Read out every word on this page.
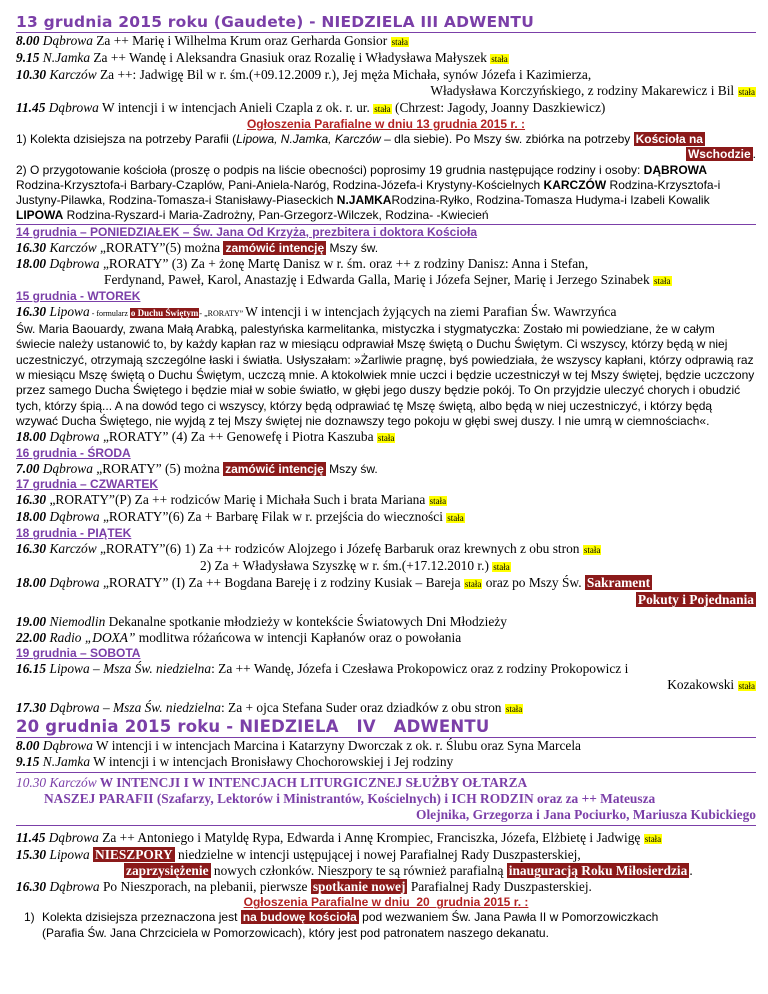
13 grudnia 2015 roku (Gaudete) - NIEDZIELA III ADWENTU
8.00 Dąbrowa Za ++ Marię i Wilhelma Krum oraz Gerharda Gonsior stała
9.15 N.Jamka Za ++ Wandę i Aleksandra Gnasiuk oraz Rozalię i Władysława Małyszek stała
10.30 Karczów Za ++: Jadwigę Bil w r. śm.(+09.12.2009 r.), Jej męża Michała, synów Józefa i Kazimierza,
Władysława Korczyńskiego, z rodziny Makarewicz i Bil stała
11.45 Dąbrowa W intencji i w intencjach Anieli Czapla z ok. r. ur. stała (Chrzest: Jagody, Joanny Daszkiewicz)
Ogłoszenia Parafialne w dniu 13 grudnia 2015 r. :
1) Kolekta dzisiejsza na potrzeby Parafii (Lipowa, N.Jamka, Karczów – dla siebie). Po Mszy św. zbiórka na potrzeby Kościoła na
Wschodzie .
2) O przygotowanie kościoła (proszę o podpis na liście obecności) poprosimy 19 grudnia następujące rodziny i osoby: DĄBROWA Rodzina-Krzysztofa-i Barbary-Czaplów, Pani-Aniela-Naróg, Rodzina-Józefa-i Krystyny-Kościelnych KARCZÓW Rodzina-Krzysztofa-i Justyny-Pilawka, Rodzina-Tomasza-i Stanisławy-Piaseckich N.JAMKARodzina-Ryłko, Rodzina-Tomasza Hudyma-i Izabeli Kowalik LIPOWA Rodzina-Ryszard-i Maria-Zadrożny, Pan-Grzegorz-Wilczek, Rodzina- -Kwiecień
14 grudnia – PONIEDZIAŁEK – Św. Jana Od Krzyża, prezbitera i doktora Kościoła
16.30 Karczów „RORATY”(5) można zamówić intencję Mszy św.
18.00 Dąbrowa „RORATY” (3) Za + żonę Martę Danisz w r. śm. oraz ++ z rodziny Danisz: Anna i Stefan,
Ferdynand, Paweł, Karol, Anastazję i Edwarda Galla, Marię i Józefa Sejner, Marię i Jerzego Szinabek stała
15 grudnia - WTOREK
16.30 Lipowa - formularz o Duchu Świętym- „RORATY” W intencji i w intencjach żyjących na ziemi Parafian Św. Wawrzyńca
Św. Maria Baouardy, zwana Małą Arabką, palestyńska karmelitanka, mistyczka i stygmatyczka: Zostało mi powiedziane, że w całym świecie należy ustanowić to, by każdy kapłan raz w miesiącu odprawiał Mszę świętą o Duchu Świętym. Ci wszyscy, którzy będą w niej uczestniczyć, otrzymają szczególne łaski i światła. Usłyszałam: »Żarliwie pragnę, byś powiedziała, że wszyscy kapłani, którzy odprawią raz w miesiącu Mszę świętą o Duchu Świętym, uczczą mnie. A ktokolwiek mnie uczci i będzie uczestniczył w tej Mszy świętej, będzie uczczony przez samego Ducha Świętego i będzie miał w sobie światło, w głębi jego duszy będzie pokój. To On przyjdzie uleczyć chorych i obudzić tych, którzy śpią... A na dowód tego ci wszyscy, którzy będą odprawiać tę Mszę świętą, albo będą w niej uczestniczyć, i którzy będą wzywać Ducha Świętego, nie wyjdą z tej Mszy świętej nie doznawszy tego pokoju w głębi swej duszy. I nie umrą w ciemnościach«.
18.00 Dąbrowa „RORATY” (4) Za ++ Genowefę i Piotra Kaszuba stała
16 grudnia - ŚRODA
7.00 Dąbrowa „RORATY” (5) można zamówić intencję Mszy św.
17 grudnia – CZWARTEK
16.30 „RORATY”(P) Za ++ rodziców Marię i Michała Such i brata Mariana stała
18.00 Dąbrowa „RORATY”(6) Za + Barbarę Filak w r. przejścia do wieczności stała
18 grudnia - PIĄTEK
16.30 Karczów „RORATY”(6) 1) Za ++ rodziców Alojzego i Józefę Barbaruk oraz krewnych z obu stron stała
2) Za + Władysława Szyszkę w r. śm.(+17.12.2010 r.) stała
18.00 Dąbrowa „RORATY” (I) Za ++ Bogdana Bareję i z rodziny Kusiak – Bareja stała oraz po Mszy Św. Sakrament
Pokuty i Pojednania
19.00 Niemodlin Dekanalne spotkanie młodzieży w kontekście Światowych Dni Młodzieży
22.00 Radio „DOXA” modlitwa różańcowa w intencji Kapłanów oraz o powołania
19 grudnia – SOBOTA
16.15 Lipowa – Msza Św. niedzielna: Za ++ Wandę, Józefa i Czesława Prokopowicz oraz z rodziny Prokopowicz i
Kozakowski stała
17.30 Dąbrowa – Msza Św. niedzielna: Za + ojca Stefana Suder oraz dziadków z obu stron stała
20 grudnia 2015 roku - NIEDZIELA   IV   ADWENTU
8.00 Dąbrowa W intencji i w intencjach Marcina i Katarzyny Dworczak z ok. r. Ślubu oraz Syna Marcela
9.15 N.Jamka W intencji i w intencjach Bronisławy Chochorowskiej i Jej rodziny
10.30 Karczów W INTENCJI I W INTENCJACH LITURGICZNEJ SŁUŻBY OŁTARZA
NASZEJ PARAFII (Szafarzy, Lektorów i Ministrantów, Kościelnych) i ICH RODZIN oraz za ++ Mateusza
Olejnika, Grzegorza i Jana Pociurko, Mariusza Kubickiego
11.45 Dąbrowa Za ++ Antoniego i Matyldę Rypa, Edwarda i Annę Krompiec, Franciszka, Józefa, Elżbietę i Jadwigę stała
15.30 Lipowa NIESZPORY niedzielne w intencji ustępującej i nowej Parafialnej Rady Duszpasterskiej,
zaprzysiężenie nowych członków. Nieszpory te są również parafialną inauguracją Roku Miłosierdzia .
16.30 Dąbrowa Po Nieszporach, na plebanii, pierwsze spotkanie nowej Parafialnej Rady Duszpasterskiej.
Ogłoszenia Parafialne w dniu  20  grudnia 2015 r. :
1) Kolekta dzisiejsza przeznaczona jest na budowę kościoła pod wezwaniem Św. Jana Pawła II w Pomorzowiczkach
(Parafia Św. Jana Chrzciciela w Pomorzowicach), który jest pod patronatem naszego dekanatu.
